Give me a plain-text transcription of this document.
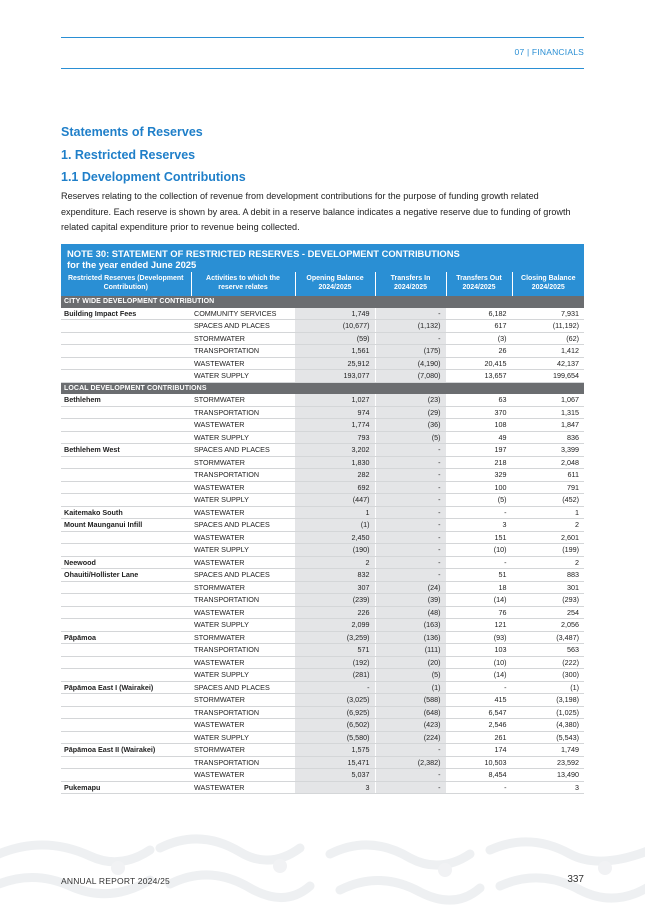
07 | FINANCIALS
Statements of Reserves
1. Restricted Reserves
1.1 Development Contributions
Reserves relating to the collection of revenue from development contributions for the purpose of funding growth related expenditure. Each reserve is shown by area. A debit in a reserve balance indicates a negative reserve due to funding of growth related capital expenditure prior to revenue being collected.
NOTE 30: STATEMENT OF RESTRICTED RESERVES - DEVELOPMENT CONTRIBUTIONS
for the year ended June 2025
Restricted Reserves (Development Contribution)	Activities to which the reserve relates	Opening Balance 2024/2025	Transfers In 2024/2025	Transfers Out 2024/2025	Closing Balance 2024/2025
CITY WIDE DEVELOPMENT CONTRIBUTION					
Building Impact Fees	COMMUNITY SERVICES	1,749	-	6,182	7,931
	SPACES AND PLACES	(10,677)	(1,132)	617	(11,192)
	STORMWATER	(59)	-	(3)	(62)
	TRANSPORTATION	1,561	(175)	26	1,412
	WASTEWATER	25,912	(4,190)	20,415	42,137
	WATER SUPPLY	193,077	(7,080)	13,657	199,654
LOCAL DEVELOPMENT CONTRIBUTIONS					
Bethlehem	STORMWATER	1,027	(23)	63	1,067
	TRANSPORTATION	974	(29)	370	1,315
	WASTEWATER	1,774	(36)	108	1,847
	WATER SUPPLY	793	(5)	49	836
Bethlehem West	SPACES AND PLACES	3,202	-	197	3,399
	STORMWATER	1,830	-	218	2,048
	TRANSPORTATION	282	-	329	611
	WASTEWATER	692	-	100	791
	WATER SUPPLY	(447)	-	(5)	(452)
Kaitemako South	WASTEWATER	1	-	-	1
Mount Maunganui Infill	SPACES AND PLACES	(1)	-	3	2
	WASTEWATER	2,450	-	151	2,601
	WATER SUPPLY	(190)	-	(10)	(199)
Neewood	WASTEWATER	2	-	-	2
Ohauiti/Hollister Lane	SPACES AND PLACES	832	-	51	883
	STORMWATER	307	(24)	18	301
	TRANSPORTATION	(239)	(39)	(14)	(293)
	WASTEWATER	226	(48)	76	254
	WATER SUPPLY	2,099	(163)	121	2,056
Pāpāmoa	STORMWATER	(3,259)	(136)	(93)	(3,487)
	TRANSPORTATION	571	(111)	103	563
	WASTEWATER	(192)	(20)	(10)	(222)
	WATER SUPPLY	(281)	(5)	(14)	(300)
Pāpāmoa East I (Wairakei)	SPACES AND PLACES	-	(1)	-	(1)
	STORMWATER	(3,025)	(588)	415	(3,198)
	TRANSPORTATION	(6,925)	(648)	6,547	(1,025)
	WASTEWATER	(6,502)	(423)	2,546	(4,380)
	WATER SUPPLY	(5,580)	(224)	261	(5,543)
Pāpāmoa East II (Wairakei)	STORMWATER	1,575	-	174	1,749
	TRANSPORTATION	15,471	(2,382)	10,503	23,592
	WASTEWATER	5,037	-	8,454	13,490
Pukemapu	WASTEWATER	3	-	-	3
ANNUAL REPORT 2024/25	337
